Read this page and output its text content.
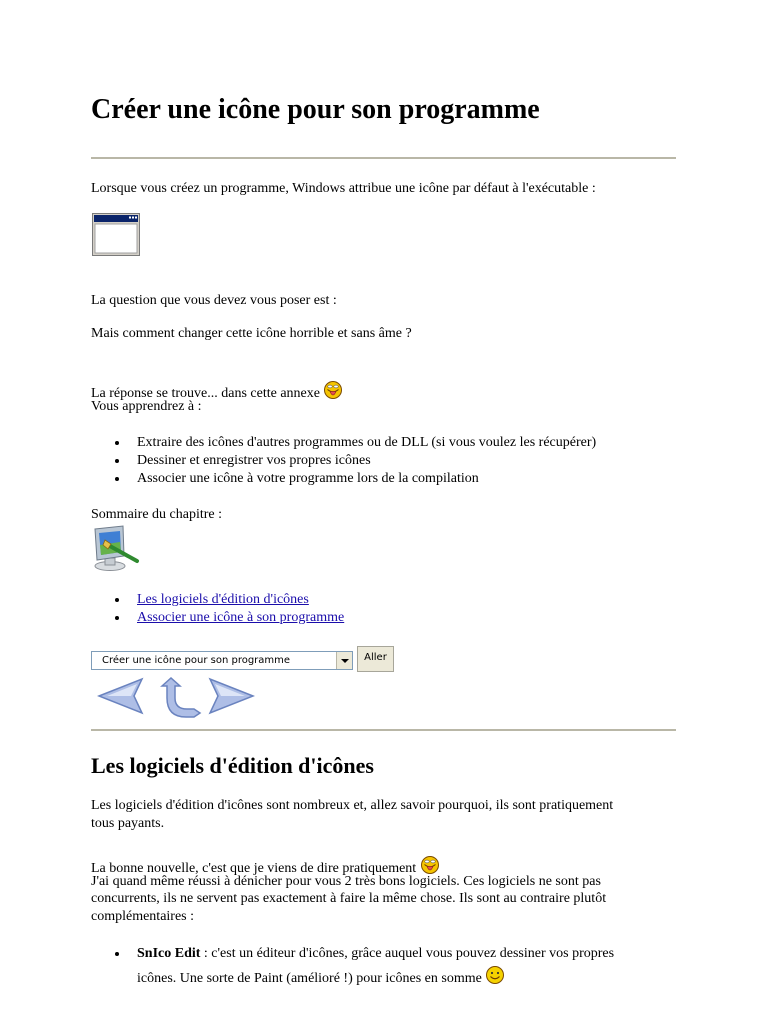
Créer une icône pour son programme
Lorsque vous créez un programme, Windows attribue une icône par défaut à l'exécutable :
La question que vous devez vous poser est :
Mais comment changer cette icône horrible et sans âme ?
La réponse se trouve... dans cette annexe
Vous apprendrez à :
Extraire des icônes d'autres programmes ou de DLL (si vous voulez les récupérer)
Dessiner et enregistrer vos propres icônes
Associer une icône à votre programme lors de la compilation
Sommaire du chapitre :
Les logiciels d'édition d'icônes
Associer une icône à son programme
Créer une icône pour son programme	Aller
Les logiciels d'édition d'icônes
Les logiciels d'édition d'icônes sont nombreux et, allez savoir pourquoi, ils sont pratiquement
tous payants.
La bonne nouvelle, c'est que je viens de dire pratiquement
J'ai quand même réussi à dénicher pour vous 2 très bons logiciels. Ces logiciels ne sont pas
concurrents, ils ne servent pas exactement à faire la même chose. Ils sont au contraire plutôt
complémentaires :
SnIco Edit : c'est un éditeur d'icônes, grâce auquel vous pouvez dessiner vos propres
icônes. Une sorte de Paint (amélioré !) pour icônes en somme
